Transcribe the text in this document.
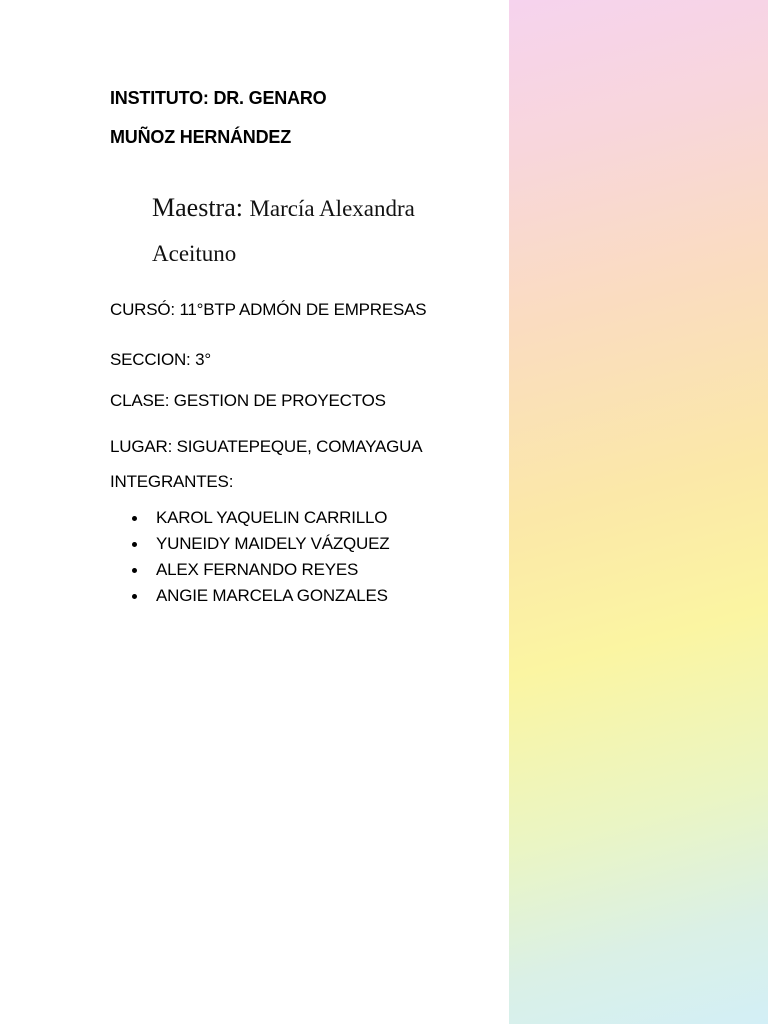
INSTITUTO: DR. GENARO

MUÑOZ HERNÁNDEZ

Maestra: Marcía Alexandra

Aceituno

CURSÓ: 11°BTP ADMÓN DE EMPRESAS

SECCION: 3°

CLASE: GESTION DE PROYECTOS

LUGAR: SIGUATEPEQUE, COMAYAGUA

INTEGRANTES:

KAROL YAQUELIN CARRILLO
YUNEIDY MAIDELY VÁZQUEZ
ALEX FERNANDO REYES
ANGIE MARCELA GONZALES
